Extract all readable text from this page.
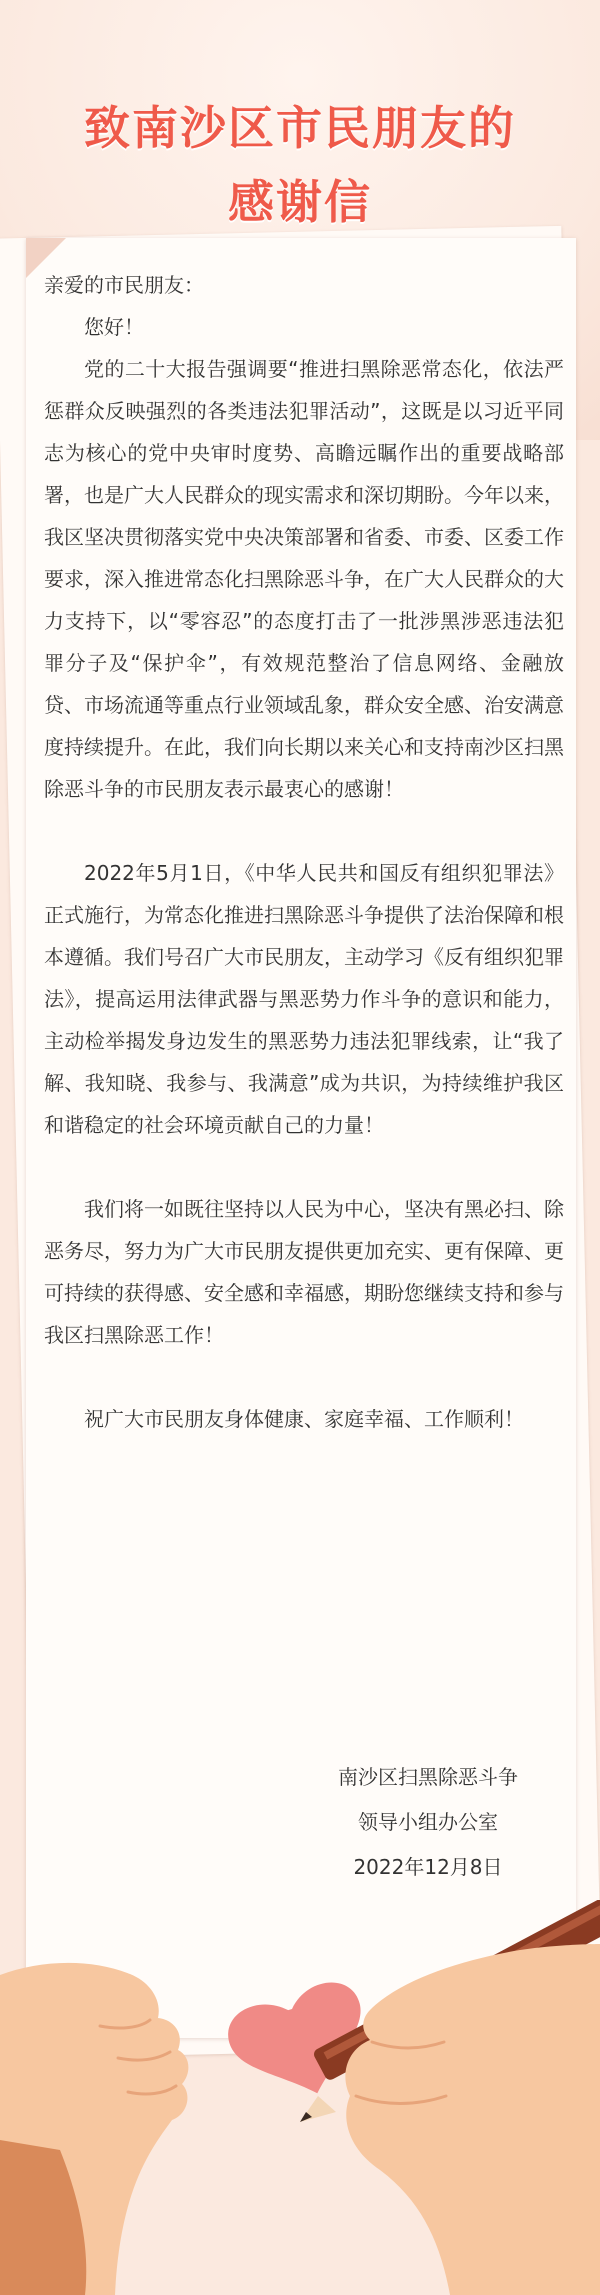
致南沙区市民朋友的
感谢信

亲爱的市民朋友：

您好！

党的二十大报告强调要“推进扫黑除恶常态化，依法严惩群众反映强烈的各类违法犯罪活动”，这既是以习近平同志为核心的党中央审时度势、高瞻远瞩作出的重要战略部署，也是广大人民群众的现实需求和深切期盼。今年以来，我区坚决贯彻落实党中央决策部署和省委、市委、区委工作要求，深入推进常态化扫黑除恶斗争，在广大人民群众的大力支持下，以“零容忍”的态度打击了一批涉黑涉恶违法犯罪分子及“保护伞”，有效规范整治了信息网络、金融放贷、市场流通等重点行业领域乱象，群众安全感、治安满意度持续提升。在此，我们向长期以来关心和支持南沙区扫黑除恶斗争的市民朋友表示最衷心的感谢！

2022年5月1日，《中华人民共和国反有组织犯罪法》正式施行，为常态化推进扫黑除恶斗争提供了法治保障和根本遵循。我们号召广大市民朋友，主动学习《反有组织犯罪法》，提高运用法律武器与黑恶势力作斗争的意识和能力，主动检举揭发身边发生的黑恶势力违法犯罪线索，让“我了解、我知晓、我参与、我满意”成为共识，为持续维护我区和谐稳定的社会环境贡献自己的力量！

我们将一如既往坚持以人民为中心，坚决有黑必扫、除恶务尽，努力为广大市民朋友提供更加充实、更有保障、更可持续的获得感、安全感和幸福感，期盼您继续支持和参与我区扫黑除恶工作！

祝广大市民朋友身体健康、家庭幸福、工作顺利！

南沙区扫黑除恶斗争
领导小组办公室
2022年12月8日
